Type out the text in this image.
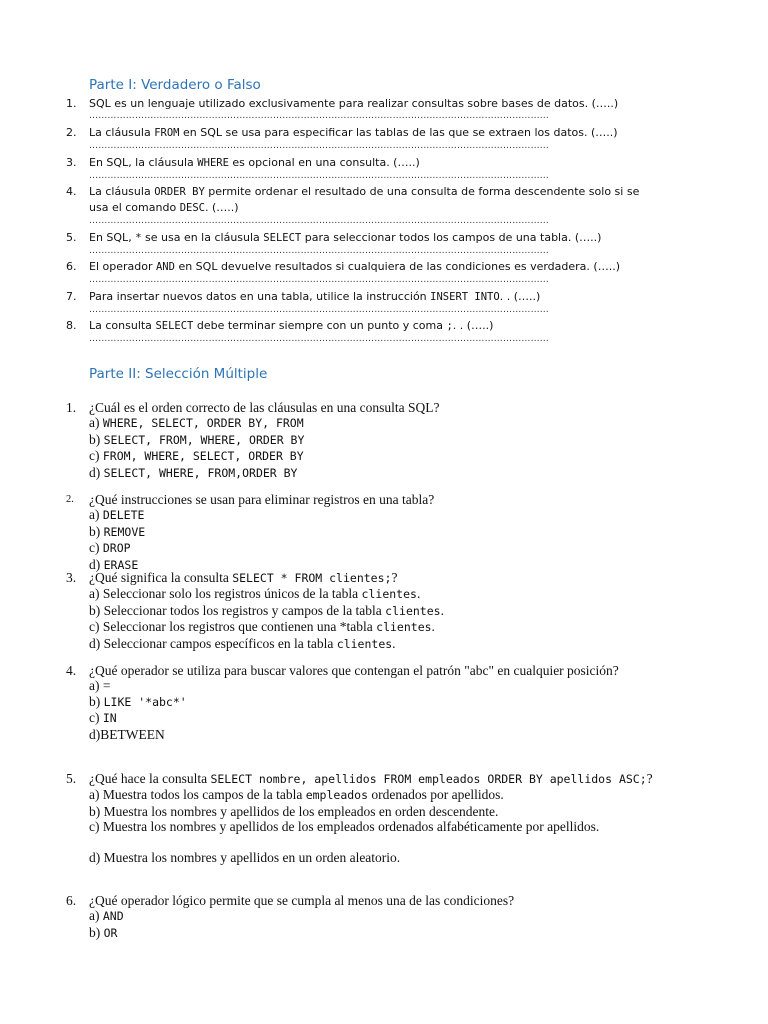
Parte I: Verdadero o Falso
1.	SQL es un lenguaje utilizado exclusivamente para realizar consultas sobre bases de datos. (…..)
……………………………………………………………………………………………………………………………………
2.	La cláusula FROM en SQL se usa para especificar las tablas de las que se extraen los datos. (…..)
……………………………………………………………………………………………………………………………………
3.	En SQL, la cláusula WHERE es opcional en una consulta. (…..)
……………………………………………………………………………………………………………………………………
4.	La cláusula ORDER BY permite ordenar el resultado de una consulta de forma descendente solo si se
usa el comando DESC. (…..)
……………………………………………………………………………………………………………………………………
5.	En SQL, * se usa en la cláusula SELECT para seleccionar todos los campos de una tabla. (…..)
……………………………………………………………………………………………………………………………………
6.	El operador AND en SQL devuelve resultados si cualquiera de las condiciones es verdadera. (…..)
……………………………………………………………………………………………………………………………………
7.	Para insertar nuevos datos en una tabla, utilice la instrucción INSERT INTO. . (…..)
……………………………………………………………………………………………………………………………………
8.	La consulta SELECT debe terminar siempre con un punto y coma ;. . (…..)
……………………………………………………………………………………………………………………………………
Parte II: Selección Múltiple
1. ¿Cuál es el orden correcto de las cláusulas en una consulta SQL?
a) WHERE, SELECT, ORDER BY, FROM
b) SELECT, FROM, WHERE, ORDER BY
c) FROM, WHERE, SELECT, ORDER BY
d) SELECT, WHERE, FROM,ORDER BY
2.	¿Qué instrucciones se usan para eliminar registros en una tabla?
a) DELETE
b) REMOVE
c) DROP
d) ERASE
3. ¿Qué significa la consulta SELECT * FROM clientes;?
a) Seleccionar solo los registros únicos de la tabla clientes.
b) Seleccionar todos los registros y campos de la tabla clientes.
c) Seleccionar los registros que contienen una *tabla clientes.
d) Seleccionar campos específicos en la tabla clientes.
4. ¿Qué operador se utiliza para buscar valores que contengan el patrón "abc" en cualquier posición?
a) =
b) LIKE '*abc*'
c) IN
d)BETWEEN
5. ¿Qué hace la consulta SELECT nombre, apellidos FROM empleados ORDER BY apellidos ASC;?
a) Muestra todos los campos de la tabla empleados ordenados por apellidos.
b) Muestra los nombres y apellidos de los empleados en orden descendente.
c) Muestra los nombres y apellidos de los empleados ordenados alfabéticamente por apellidos.
d) Muestra los nombres y apellidos en un orden aleatorio.
6. ¿Qué operador lógico permite que se cumpla al menos una de las condiciones?
a) AND
b) OR
